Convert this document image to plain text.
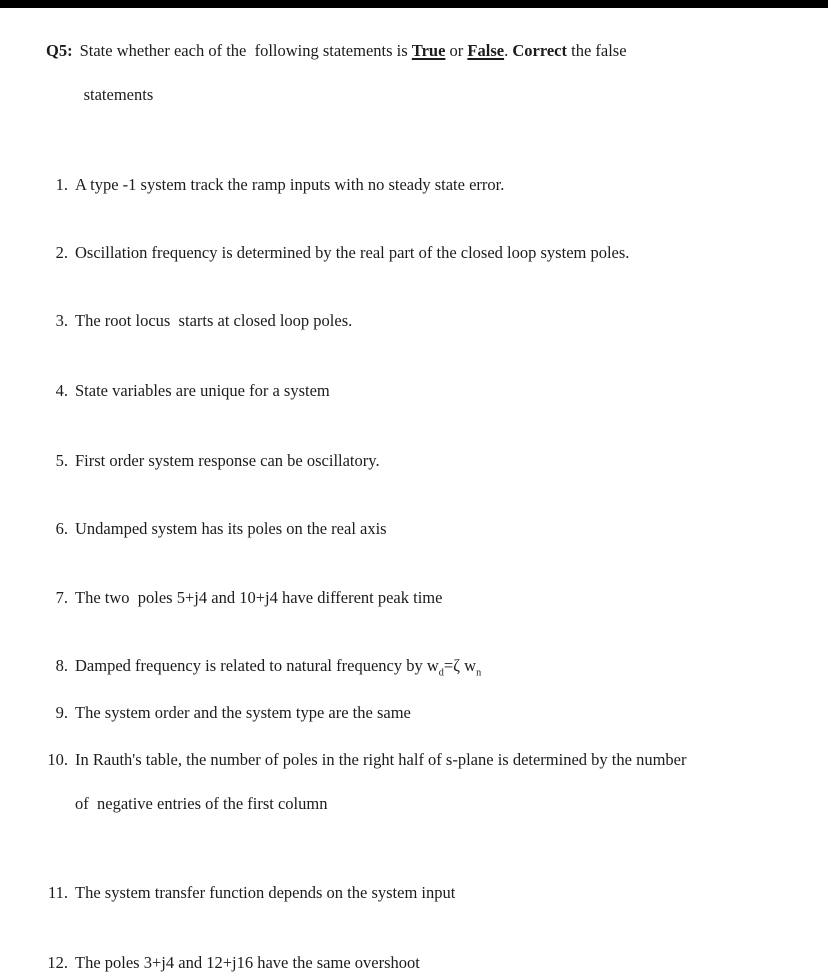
Q5: State whether each of the  following statements is True or False. Correct the false

statements

1. A type -1 system track the ramp inputs with no steady state error.
2. Oscillation frequency is determined by the real part of the closed loop system poles.
3. The root locus  starts at closed loop poles.
4. State variables are unique for a system
5. First order system response can be oscillatory.
6. Undamped system has its poles on the real axis
7. The two  poles 5+j4 and 10+j4 have different peak time
8. Damped frequency is related to natural frequency by $w_d=\zeta$ $w_n$
9. The system order and the system type are the same
10. In Rauth's table, the number of poles in the right half of s-plane is determined by the number

of  negative entries of the first column

11. The system transfer function depends on the system input
12. The poles 3+j4 and 12+j16 have the same overshoot
